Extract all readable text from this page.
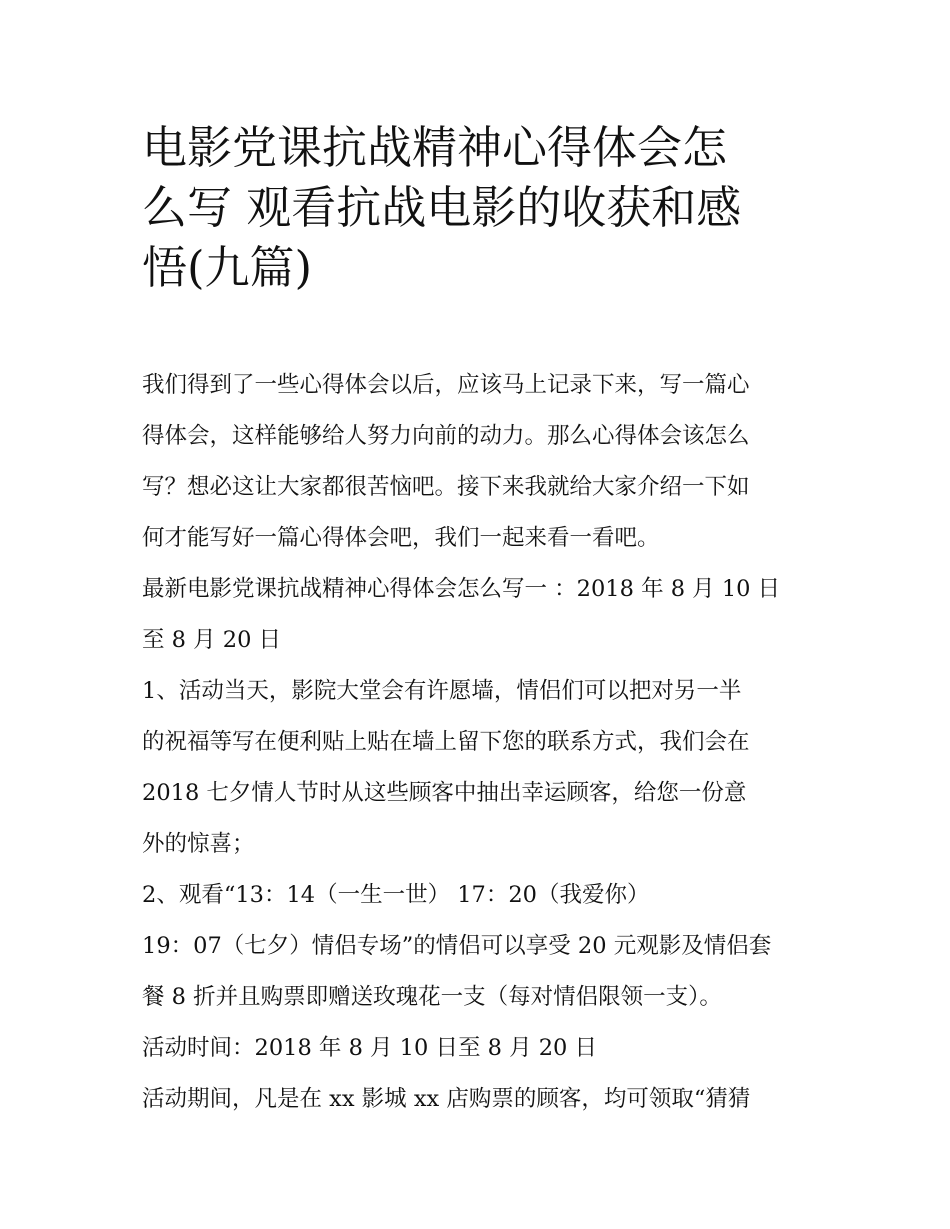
电影党课抗战精神心得体会怎
么写 观看抗战电影的收获和感
悟(九篇)
我们得到了一些心得体会以后，应该马上记录下来，写一篇心
得体会，这样能够给人努力向前的动力。那么心得体会该怎么
写？想必这让大家都很苦恼吧。接下来我就给大家介绍一下如
何才能写好一篇心得体会吧，我们一起来看一看吧。
最新电影党课抗战精神心得体会怎么写一 ：2018 年 8 月 10 日
至 8 月 20 日
1、活动当天，影院大堂会有许愿墙，情侣们可以把对另一半
的祝福等写在便利贴上贴在墙上留下您的联系方式，我们会在
2018 七夕情人节时从这些顾客中抽出幸运顾客，给您一份意
外的惊喜；
2、观看“13：14（一生一世） 17：20（我爱你）
19：07（七夕）情侣专场”的情侣可以享受 20 元观影及情侣套
餐 8 折并且购票即赠送玫瑰花一支（每对情侣限领一支）。
活动时间：2018 年 8 月 10 日至 8 月 20 日
活动期间，凡是在 xx 影城 xx 店购票的顾客，均可领取“猜猜
